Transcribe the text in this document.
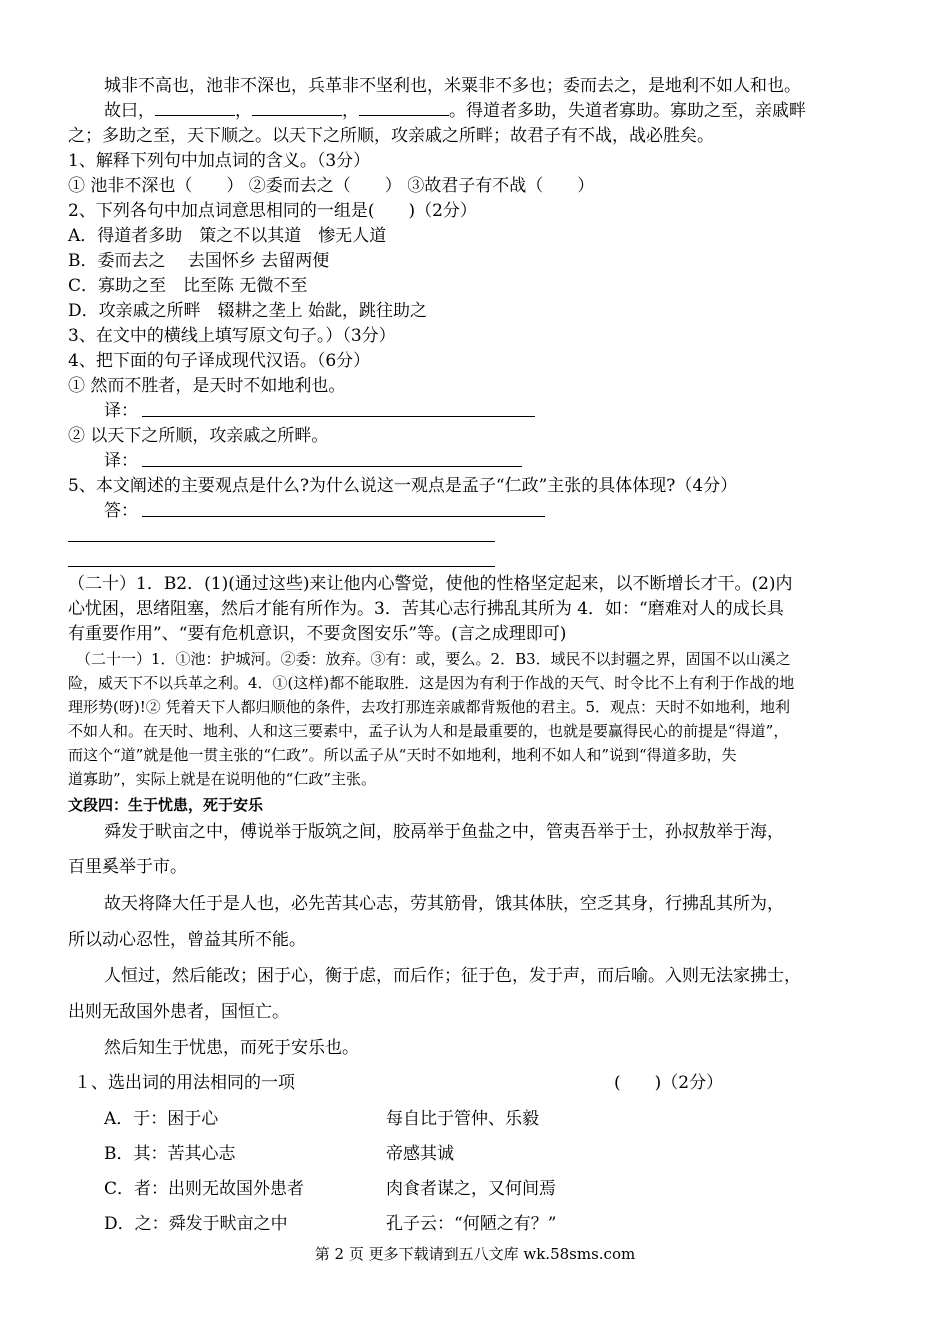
城非不高也，池非不深也，兵革非不坚利也，米粟非不多也；委而去之，是地利不如人和也。
故曰，	，	，	。得道者多助，失道者寡助。寡助之至，亲戚畔
之；多助之至，天下顺之。以天下之所顺，攻亲戚之所畔；故君子有不战，战必胜矣。
1、解释下列句中加点词的含义。（3分）
① 池非不深也（　　） ②委而去之（　　） ③故君子有不战（　　）
2、下列各句中加点词意思相同的一组是(　　)（2分）
A．得道者多助　策之不以其道　惨无人道
B．委而去之　 去国怀乡 去留两便
C．寡助之至　比至陈 无微不至
D．攻亲戚之所畔　辍耕之垄上 始龀，跳往助之
3、在文中的横线上填写原文句子。）（3分）
4、把下面的句子译成现代汉语。（6分）
① 然而不胜者，是天时不如地利也。
译：
② 以天下之所顺，攻亲戚之所畔。
译：
5、本文阐述的主要观点是什么?为什么说这一观点是孟子“仁政”主张的具体体现?（4分）
答：
（二十）1．B2．(1)(通过这些)来让他内心警觉，使他的性格坚定起来，以不断增长才干。(2)内
心忧困，思绪阻塞，然后才能有所作为。3．苦其心志行拂乱其所为 4．如：“磨难对人的成长具
有重要作用”、“要有危机意识，不要贪图安乐”等。(言之成理即可)
（二十一）1．①池：护城河。②委：放弃。③有：或，要么。2．B3．域民不以封疆之界，固国不以山溪之
险，威天下不以兵革之利。4．①(这样)都不能取胜．这是因为有利于作战的天气、时令比不上有利于作战的地
理形势(呀)!② 凭着天下人都归顺他的条件，去攻打那连亲戚都背叛他的君主。5．观点：天时不如地利，地利
不如人和。在天时、地利、人和这三要素中，孟子认为人和是最重要的，也就是要赢得民心的前提是“得道”，
而这个“道”就是他一贯主张的“仁政”。所以孟子从“天时不如地利，地利不如人和”说到“得道多助，失
道寡助”，实际上就是在说明他的“仁政”主张。
文段四：生于忧患，死于安乐
舜发于畎亩之中，傅说举于版筑之间，胶鬲举于鱼盐之中，管夷吾举于士，孙叔敖举于海，
百里奚举于市。
故天将降大任于是人也，必先苦其心志，劳其筋骨，饿其体肤，空乏其身，行拂乱其所为，
所以动心忍性，曾益其所不能。
人恒过，然后能改；困于心，衡于虑，而后作；征于色，发于声，而后喻。入则无法家拂士，
出则无敌国外患者，国恒亡。
然后知生于忧患，而死于安乐也。
１、选出词的用法相同的一项	(　　)（2分）
A．于：困于心	每自比于管仲、乐毅
B．其：苦其心志	帝感其诚
C．者：出则无故国外患者	肉食者谋之，又何间焉
D．之：舜发于畎亩之中	孔子云：“何陋之有？”
第 2 页 更多下载请到五八文库 wk.58sms.com
